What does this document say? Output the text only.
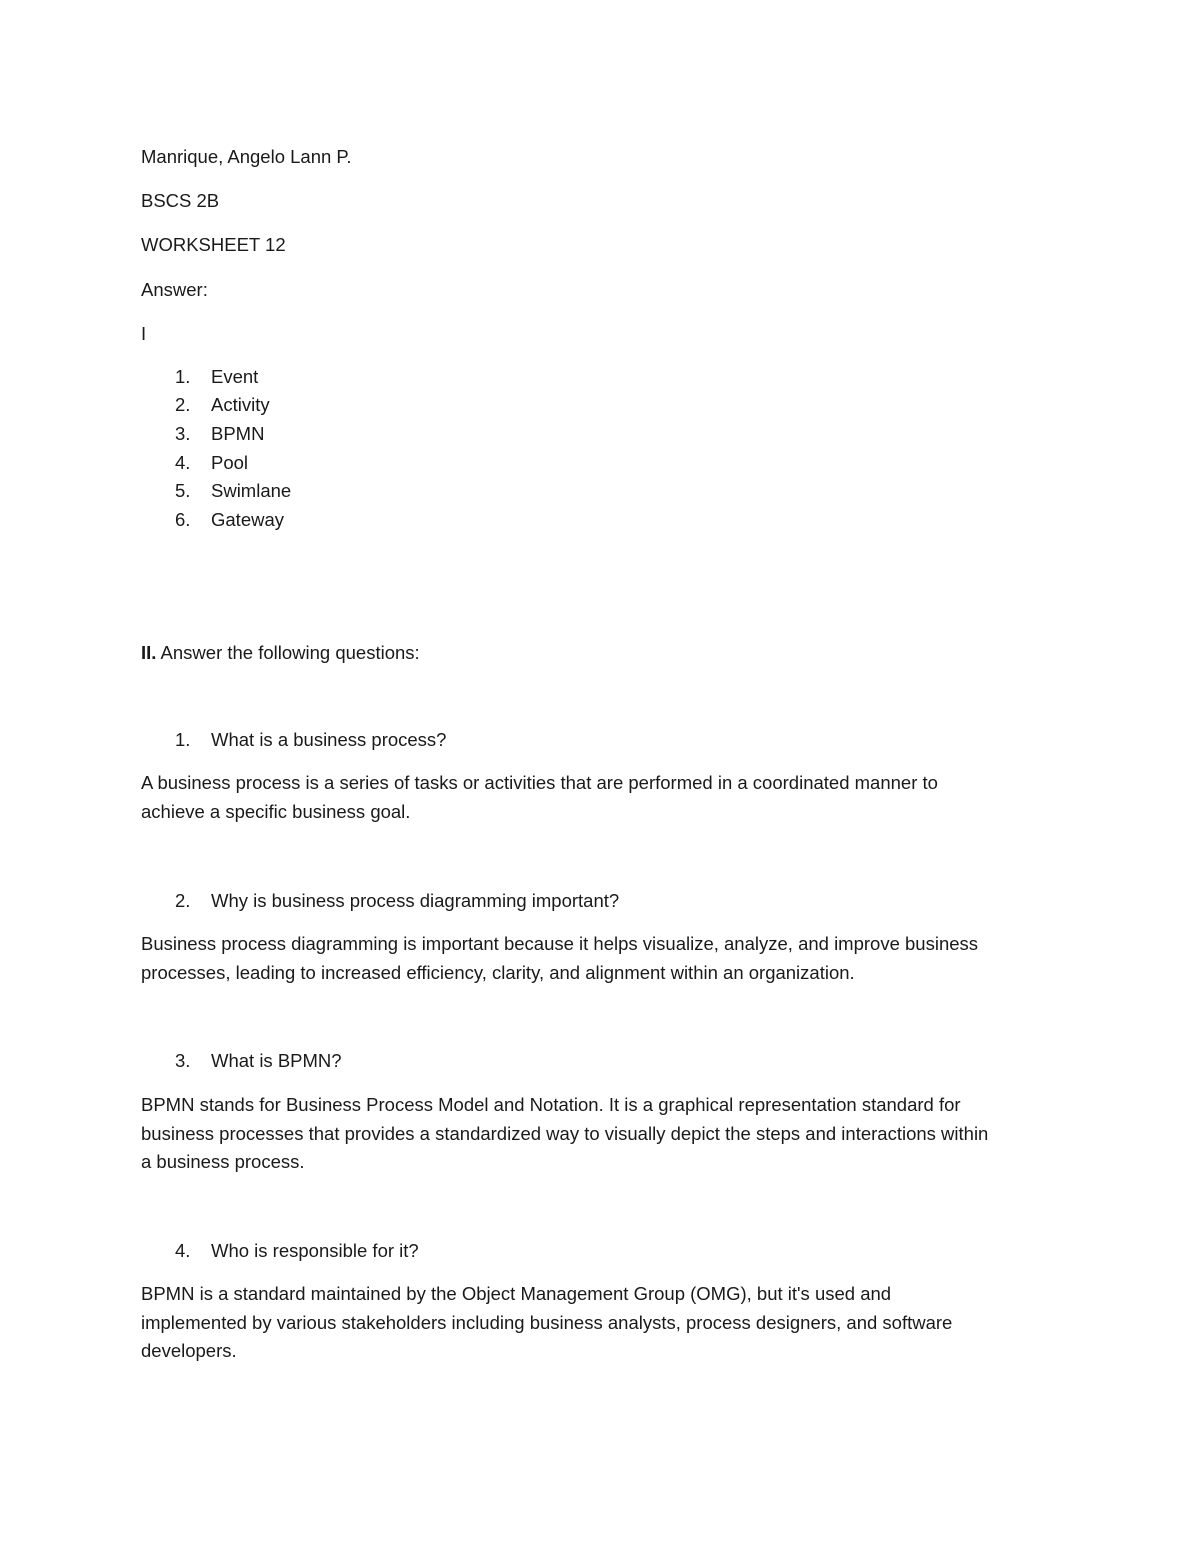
Manrique, Angelo Lann P.
BSCS 2B
WORKSHEET 12
Answer:
I
1. Event
2. Activity
3. BPMN
4. Pool
5. Swimlane
6. Gateway
II. Answer the following questions:
1. What is a business process?
A business process is a series of tasks or activities that are performed in a coordinated manner to
achieve a specific business goal.
2. Why is business process diagramming important?
Business process diagramming is important because it helps visualize, analyze, and improve business
processes, leading to increased efficiency, clarity, and alignment within an organization.
3. What is BPMN?
BPMN stands for Business Process Model and Notation. It is a graphical representation standard for
business processes that provides a standardized way to visually depict the steps and interactions within
a business process.
4. Who is responsible for it?
BPMN is a standard maintained by the Object Management Group (OMG), but it's used and
implemented by various stakeholders including business analysts, process designers, and software
developers.
